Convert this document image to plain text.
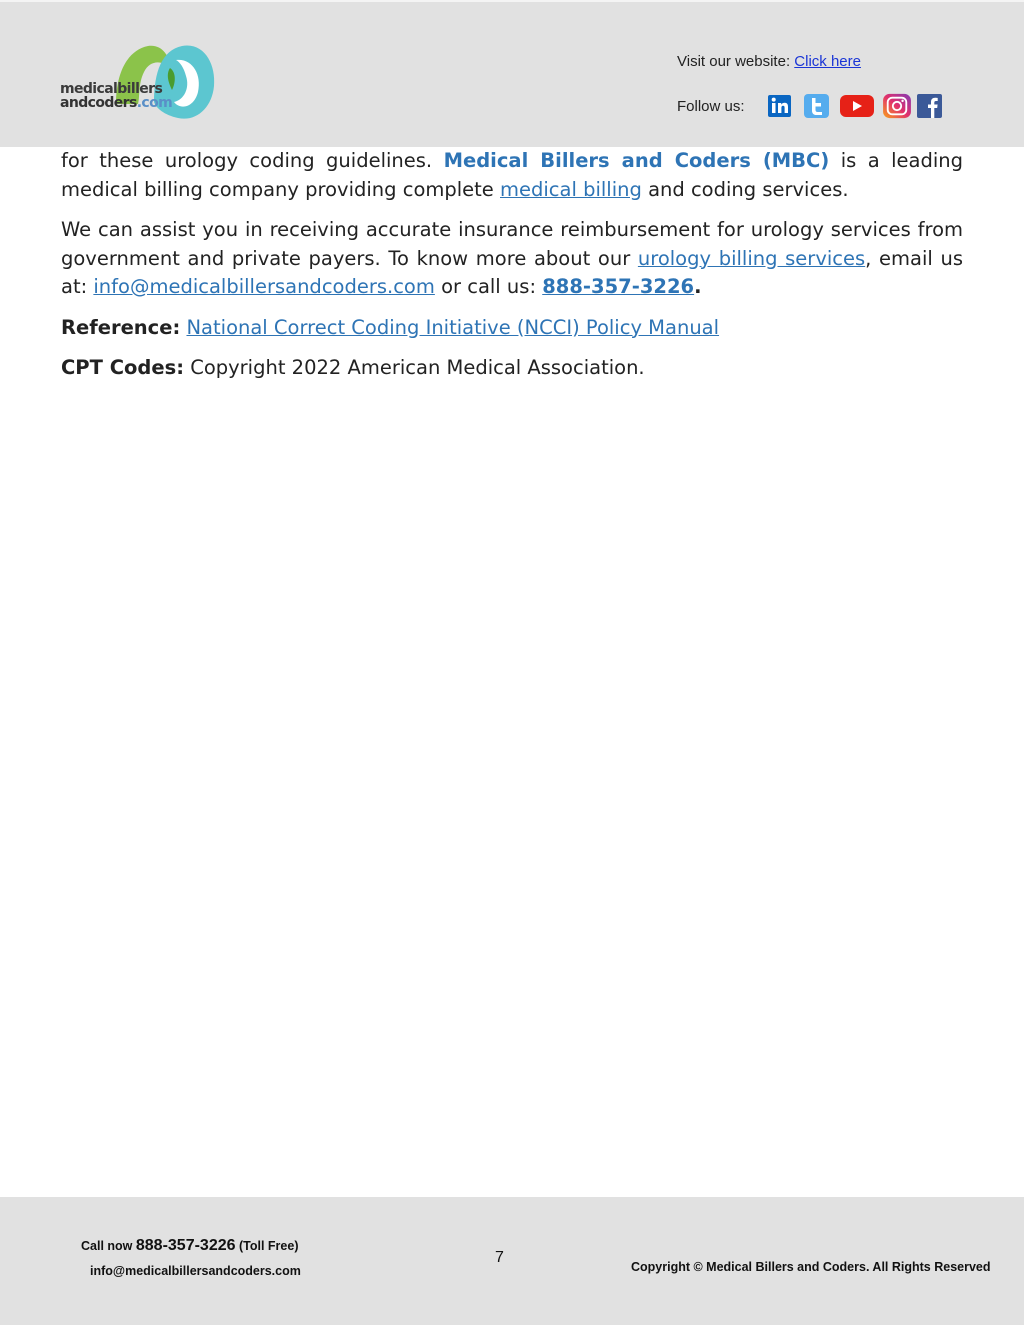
medicalbillers
andcoders.com
Visit our website: Click here
Follow us:

for these urology coding guidelines. Medical Billers and Coders (MBC) is a leading medical billing company providing complete medical billing and coding services.

We can assist you in receiving accurate insurance reimbursement for urology services from government and private payers. To know more about our urology billing services, email us at: info@medicalbillersandcoders.com or call us: 888-357-3226.

Reference: National Correct Coding Initiative (NCCI) Policy Manual

CPT Codes: Copyright 2022 American Medical Association.

Call now 888-357-3226 (Toll Free)
info@medicalbillersandcoders.com
7
Copyright © Medical Billers and Coders. All Rights Reserved
